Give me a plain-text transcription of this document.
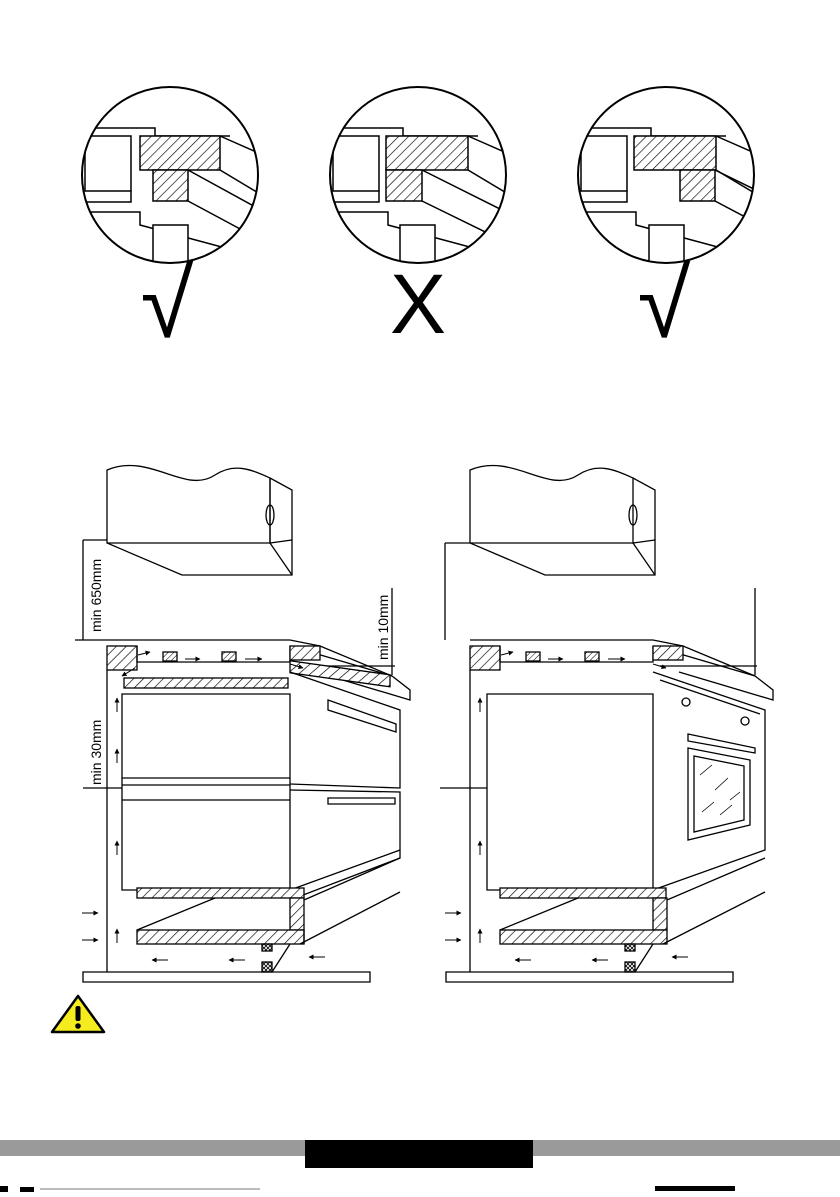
√ X √
min 650mm	min 10mm
min 30mm
